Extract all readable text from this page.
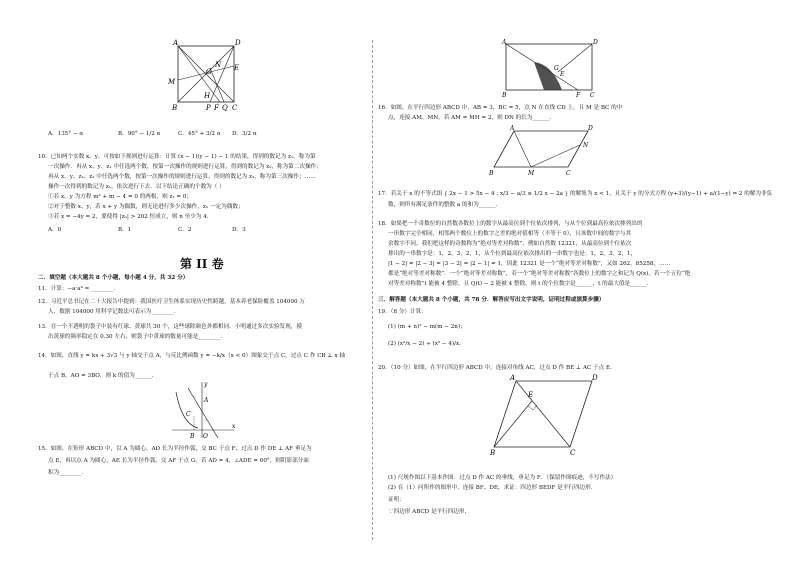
A	D
B	C
M
G
N E
H
F
P Q
A．135° − α	B．90° − 1/2 α	C．45° + 3/2 α D．3/2 α
10．已知两个实数 x、y，可按如下规则进行运算：计算 (x − 1)(y − 1) − 1 的结果，得到的数记为 z₁，称为第
一次操作．再从 x、y、z₁ 中任选两个数，按第一次操作的规则进行运算，得到的数记为 z₂，称为第二次操作；
再从 x、y、z₁、z₂ 中任选两个数，按第一次操作的规则进行运算，得到的数记为 z₃，称为第三次操作；……
操作一次得到的数记为 zₙ，依次进行下去．以下结论正确的个数为（ ）
①若 x、y 为方程 m² + m − 4 = 0 的两根，则 z₁ = 0；
②对于整数 x、y，若 x + y 为偶数，则无论进行多少次操作，zₙ 一定为偶数；
③若 x = −4y = 2，要使得 |zₙ| > 202 恒成立，则 n 至少为 4．
A．0	B．1	C．2	D．3
第 II 卷
二．填空题（本大题共 8 个小题，每小题 4 分，共 32 分）
11．计算：−a·a⁴ = ________．
12．习近平总书记在二十大报告中提到：我国医疗卫生体系实现历史性跨越，基本养老保险覆盖 104000 万
人，数据 104000 用科学记数法可表示为________．
13．在一个不透明的袋子中装有红球、黄球共 30 个，这些球除颜色外都相同．小明通过多次实验发现，摸
出黄球的频率稳定在 0.30 左右，则袋子中黄球的数量可能是________．
14．如图，直线 y = kx + 3√3 与 y 轴交于点 A，与反比例函数 y = −k/x（x < 0）图象交于点 C，过点 C 作 CB ⊥ x 轴
于点 B，AO = 3BO，则 k 的值为______．
y
A
C
B O
x
15．如图，在矩形 ABCD 中，以 A 为圆心，AD 长为半径作弧，交 BC 于点 F，过点 D 作 DE ⊥ AF 垂足为
点 E，再以点 A 为圆心，AE 长为半径作弧，交 AF 于点 G，若 AD = 4，∠ADE = 60°，则阴影部分面
积为________．
A	D
G
E
B	F C
16．如图，在平行四边形 ABCD 中，AB = 3，BC = 5，点 N 在直线 CD 上，且 M 是 BC 的中
点，连接 AM、MN，若 AM = MH = 2，则 DN 的长为______．
A	D
N
B	M	C
17．若关于 x 的不等式组 { 2x − 1 > 5x − 4 ; x/3 − a/3 ≤ 1/2 x − 2a } 的解集为 x < 1，且关于 y 的分式方程 (y+3)/(y−1) + a/(1−y) = 2 的解为非负
数，则所有满足条件的整数 a 的和为______．
18．如果把一个奇数位的自然数各数位上的数字从最高位到个位依次排列，与从个位到最高位依次排列出的
一串数字完全相同，相邻两个数位上的数字之差的绝对值相等（不等于 0），且该数中间的数字与其
余数字不同，我们把这样的奇数称为“绝对等差对称数”，例如自然数 12321，从最高位到个位依次
排出的一串数字是：1，2，3，2，1，从个位到最高位依次排出的一串数字也是：1，2，3，2，1，
|1 − 2| = |2 − 3| = |3 − 2| = |2 − 1| = 1，因此 12321 是一个“绝对等差对称数”，又如 262，85258，……
都是“绝对等差对称数”．一个“绝对等差对称数”，若一个“绝对等差对称数”各数位上的数字之和记为 Q(x)，若一个五位“绝
对等差对称数”t 能被 4 整除，且 Q(t) − 2 能被 4 整除，则 t 的个位数字是______，t 的最大值是______．
三．解答题（本大题共 8 个小题，共 78 分．解答应写出文字说明，证明过程或演算步骤）
19．（8 分）计算：
(1) (m + n)² − m(m − 2n)；
(2) (x²/x − 2) ÷ (x² − 4)/x．
20．（10 分）如图，在平行四边形 ABCD 中，连接对角线 AC，过点 D 作 BE ⊥ AC 于点 E．
A	D
E
B	C
(1) 尺规作图以下基本作图：过点 D 作 AC 的垂线，垂足为 F．（保留作图痕迹，不写作法）
(2) 在（1）问所作的图形中，连接 BF、DE，求证：四边形 BEDF 是平行四边形．
证明：
∵四边形 ABCD 是平行四边形，
